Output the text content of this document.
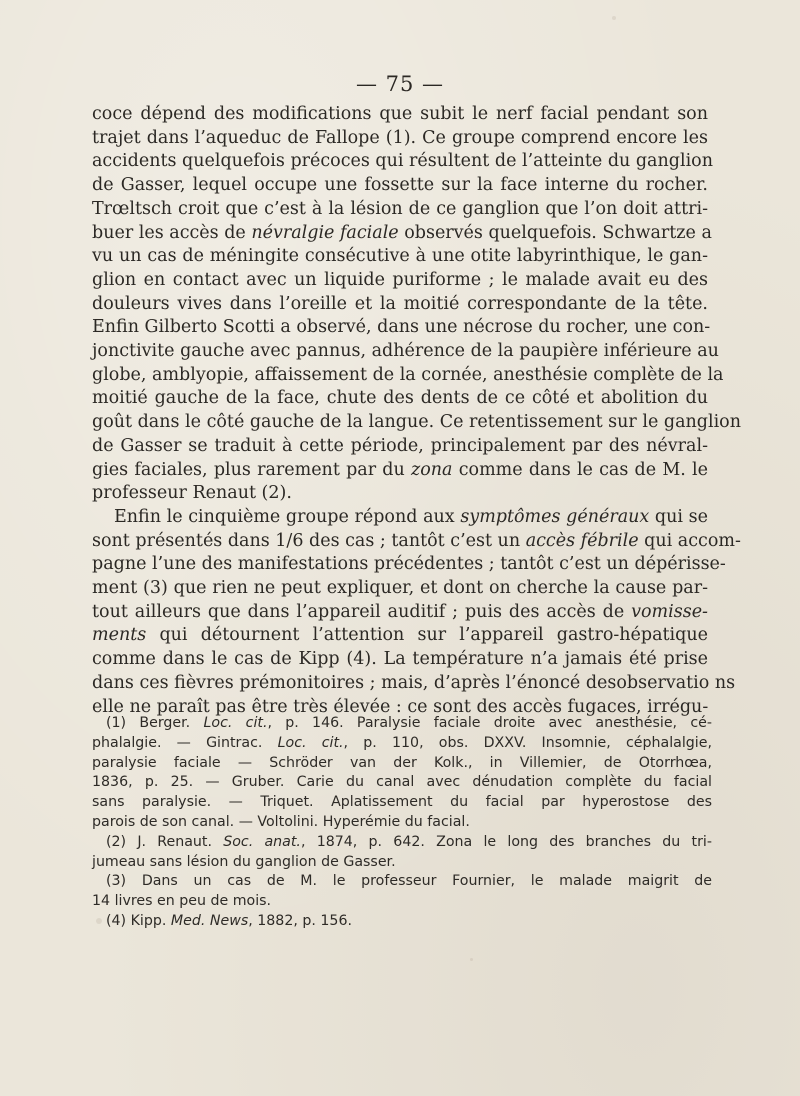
— 75 —

coce dépend des modifications que subit le nerf facial pendant son
trajet dans l’aqueduc de Fallope (1). Ce groupe comprend encore les
accidents quelquefois précoces qui résultent de l’atteinte du ganglion
de Gasser, lequel occupe une fossette sur la face interne du rocher.
Trœltsch croit que c’est à la lésion de ce ganglion que l’on doit attri-
buer les accès de névralgie faciale observés quelquefois. Schwartze a
vu un cas de méningite consécutive à une otite labyrinthique, le gan-
glion en contact avec un liquide puriforme ; le malade avait eu des
douleurs vives dans l’oreille et la moitié correspondante de la tête.
Enfin Gilberto Scotti a observé, dans une nécrose du rocher, une con-
jonctivite gauche avec pannus, adhérence de la paupière inférieure au
globe, amblyopie, affaissement de la cornée, anesthésie complète de la
moitié gauche de la face, chute des dents de ce côté et abolition du
goût dans le côté gauche de la langue. Ce retentissement sur le ganglion
de Gasser se traduit à cette période, principalement par des névral-
gies faciales, plus rarement par du zona comme dans le cas de M. le
professeur Renaut (2).

Enfin le cinquième groupe répond aux symptômes généraux qui se
sont présentés dans 1/6 des cas ; tantôt c’est un accès fébrile qui accom-
pagne l’une des manifestations précédentes ; tantôt c’est un dépérisse-
ment (3) que rien ne peut expliquer, et dont on cherche la cause par-
tout ailleurs que dans l’appareil auditif ; puis des accès de vomisse-
ments qui détournent l’attention sur l’appareil gastro-hépatique
comme dans le cas de Kipp (4). La température n’a jamais été prise
dans ces fièvres prémonitoires ; mais, d’après l’énoncé desobservatio ns
elle ne paraît pas être très élevée : ce sont des accès fugaces, irrégu-

(1) Berger. Loc. cit., p. 146. Paralysie faciale droite avec anesthésie, cé-
phalalgie. — Gintrac. Loc. cit., p. 110, obs. DXXV. Insomnie, céphalalgie,
paralysie faciale — Schröder van der Kolk., in Villemier, de Otorrhœa,
1836, p. 25. — Gruber. Carie du canal avec dénudation complète du facial
sans paralysie. — Triquet. Aplatissement du facial par hyperostose des
parois de son canal. — Voltolini. Hyperémie du facial.
(2) J. Renaut. Soc. anat., 1874, p. 642. Zona le long des branches du tri-
jumeau sans lésion du ganglion de Gasser.
(3) Dans un cas de M. le professeur Fournier, le malade maigrit de
14 livres en peu de mois.
(4) Kipp. Med. News, 1882, p. 156.
